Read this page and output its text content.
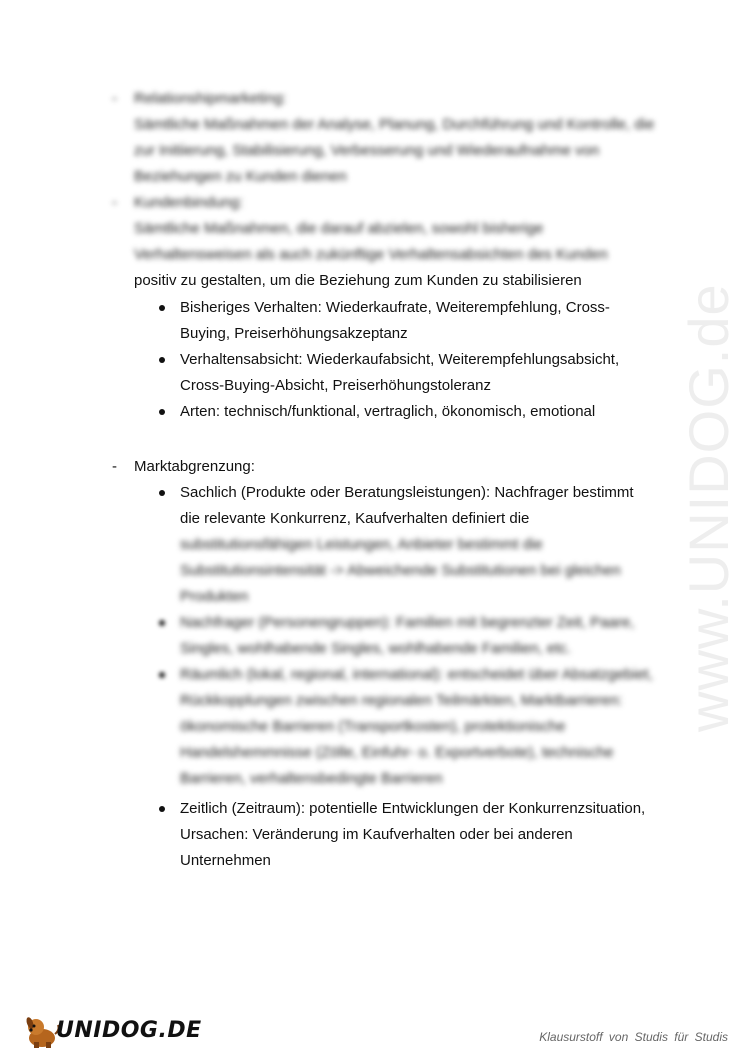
www.UNIDOG.de
- Relationshipmarketing:
Sämtliche Maßnahmen der Analyse, Planung, Durchführung und Kontrolle, die
zur Initiierung, Stabilisierung, Verbesserung und Wiederaufnahme von
Beziehungen zu Kunden dienen
- Kundenbindung:
Sämtliche Maßnahmen, die darauf abzielen, sowohl bisherige
Verhaltensweisen als auch zukünftige Verhaltensabsichten des Kunden
positiv zu gestalten, um die Beziehung zum Kunden zu stabilisieren
Bisheriges Verhalten: Wiederkaufrate, Weiterempfehlung, Cross-
Buying, Preiserhöhungsakzeptanz
Verhaltensabsicht: Wiederkaufabsicht, Weiterempfehlungsabsicht,
Cross-Buying-Absicht, Preiserhöhungstoleranz
Arten: technisch/funktional, vertraglich, ökonomisch, emotional
- Marktabgrenzung:
Sachlich (Produkte oder Beratungsleistungen): Nachfrager bestimmt
die relevante Konkurrenz, Kaufverhalten definiert die
substitutionsfähigen Leistungen, Anbieter bestimmt die
Substitutionsintensität -> Abweichende Substitutionen bei gleichen
Produkten
Nachfrager (Personengruppen): Familien mit begrenzter Zeit, Paare,
Singles, wohlhabende Singles, wohlhabende Familien, etc.
Räumlich (lokal, regional, international): entscheidet über Absatzgebiet,
Rückkopplungen zwischen regionalen Teilmärkten, Marktbarrieren:
ökonomische Barrieren (Transportkosten), protektionische
Handelshemmnisse (Zölle, Einfuhr- o. Exportverbote), technische
Barrieren, verhaltensbedingte Barrieren
Zeitlich (Zeitraum): potentielle Entwicklungen der Konkurrenzsituation,
Ursachen: Veränderung im Kaufverhalten oder bei anderen
Unternehmen
UNIDOG.DE	Klausurstoff von Studis für Studis
